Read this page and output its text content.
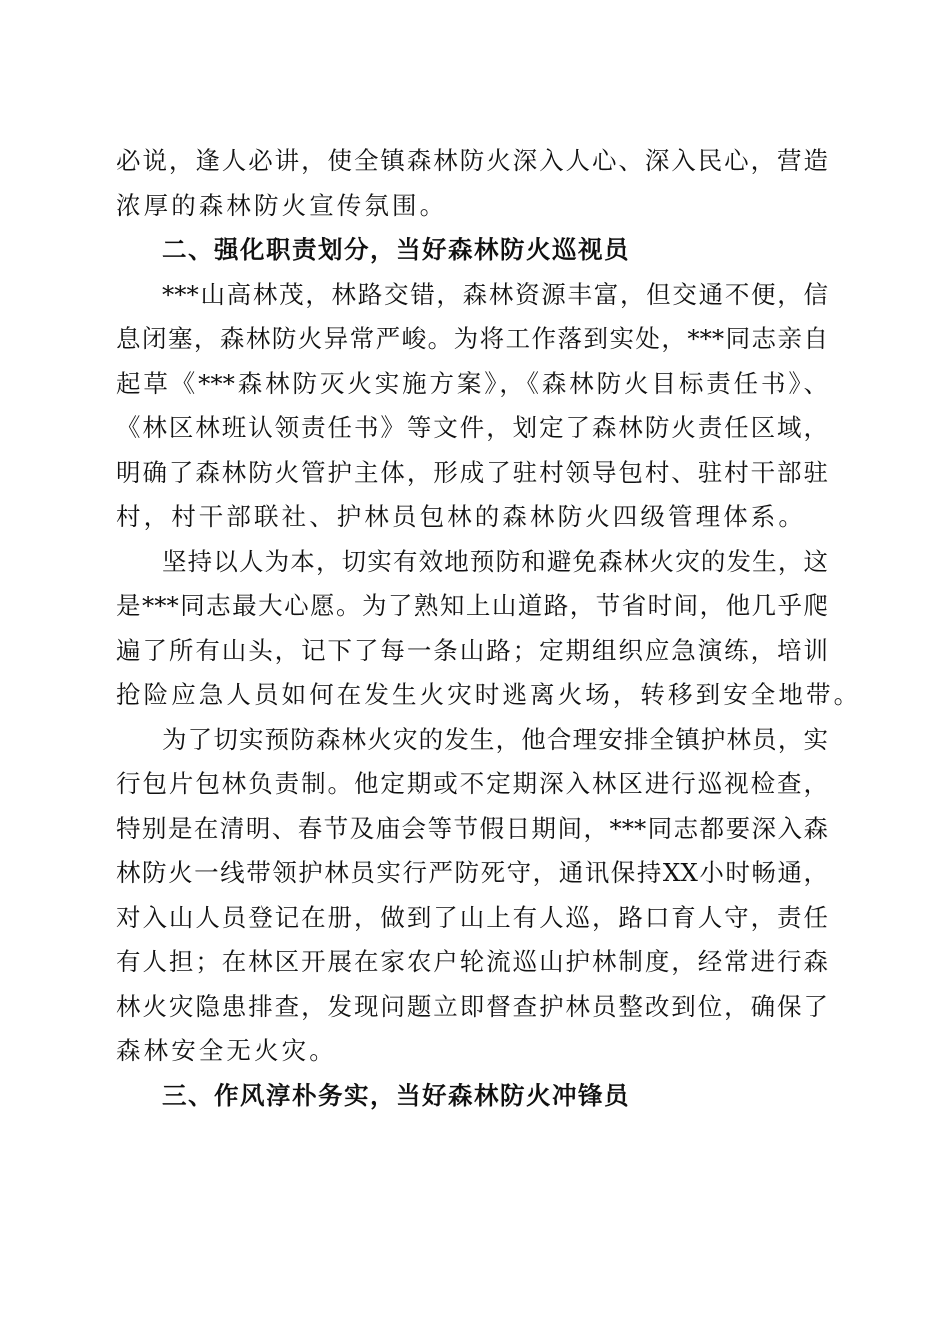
必说，逢人必讲，使全镇森林防火深入人心、深入民心，营造
浓厚的森林防火宣传氛围。
二、强化职责划分，当好森林防火巡视员
***山高林茂，林路交错，森林资源丰富，但交通不便，信
息闭塞，森林防火异常严峻。为将工作落到实处，***同志亲自
起草《***森林防灭火实施方案》，《森林防火目标责任书》、
《林区林班认领责任书》等文件，划定了森林防火责任区域，
明确了森林防火管护主体，形成了驻村领导包村、驻村干部驻
村，村干部联社、护林员包林的森林防火四级管理体系。
坚持以人为本，切实有效地预防和避免森林火灾的发生，这
是***同志最大心愿。为了熟知上山道路，节省时间，他几乎爬
遍了所有山头，记下了每一条山路；定期组织应急演练，培训
抢险应急人员如何在发生火灾时逃离火场，转移到安全地带。
为了切实预防森林火灾的发生，他合理安排全镇护林员，实
行包片包林负责制。他定期或不定期深入林区进行巡视检查，
特别是在清明、春节及庙会等节假日期间，***同志都要深入森
林防火一线带领护林员实行严防死守，通讯保持XX小时畅通，
对入山人员登记在册，做到了山上有人巡，路口育人守，责任
有人担；在林区开展在家农户轮流巡山护林制度，经常进行森
林火灾隐患排查，发现问题立即督查护林员整改到位，确保了
森林安全无火灾。
三、作风淳朴务实，当好森林防火冲锋员
